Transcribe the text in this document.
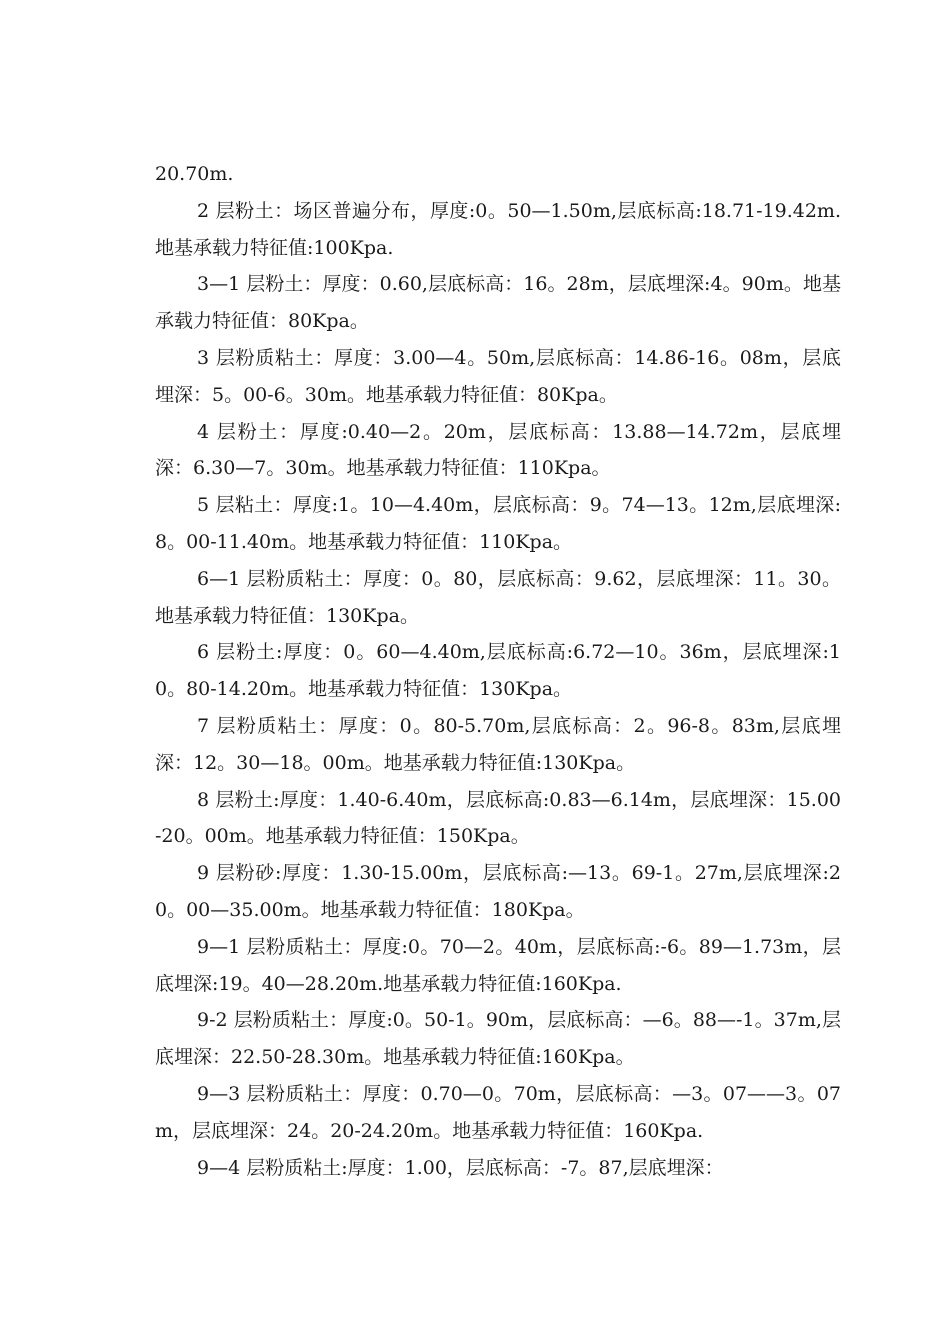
20.70m.

2 层粉土：场区普遍分布，厚度:0。50—1.50m,层底标高:18.71-19.42m.地基承载力特征值:100Kpa.

3—1 层粉土：厚度：0.60,层底标高：16。28m，层底埋深:4。90m。地基承载力特征值：80Kpa。

3 层粉质粘土：厚度：3.00—4。50m,层底标高：14.86-16。08m，层底埋深：5。00-6。30m。地基承载力特征值：80Kpa。

4 层粉土：厚度:0.40—2。20m，层底标高：13.88—14.72m，层底埋深：6.30—7。30m。地基承载力特征值：110Kpa。

5 层粘土：厚度:1。10—4.40m，层底标高：9。74—13。12m,层底埋深:8。00-11.40m。地基承载力特征值：110Kpa。

6—1 层粉质粘土：厚度：0。80，层底标高：9.62，层底埋深：11。30。地基承载力特征值：130Kpa。

6 层粉土:厚度：0。60—4.40m,层底标高:6.72—10。36m，层底埋深:10。80-14.20m。地基承载力特征值：130Kpa。

7 层粉质粘土：厚度：0。80-5.70m,层底标高：2。96-8。83m,层底埋深：12。30—18。00m。地基承载力特征值:130Kpa。

8 层粉土:厚度：1.40-6.40m，层底标高:0.83—6.14m，层底埋深：15.00-20。00m。地基承载力特征值：150Kpa。

9 层粉砂:厚度：1.30-15.00m，层底标高:—13。69-1。27m,层底埋深:20。00—35.00m。地基承载力特征值：180Kpa。

9—1 层粉质粘土：厚度:0。70—2。40m，层底标高:-6。89—1.73m，层底埋深:19。40—28.20m.地基承载力特征值:160Kpa.

9-2 层粉质粘土：厚度:0。50-1。90m，层底标高：—6。88—-1。37m,层底埋深：22.50-28.30m。地基承载力特征值:160Kpa。

9—3 层粉质粘土：厚度：0.70—0。70m，层底标高：—3。07——3。07m，层底埋深：24。20-24.20m。地基承载力特征值：160Kpa.

9—4 层粉质粘土:厚度：1.00，层底标高：-7。87,层底埋深：
